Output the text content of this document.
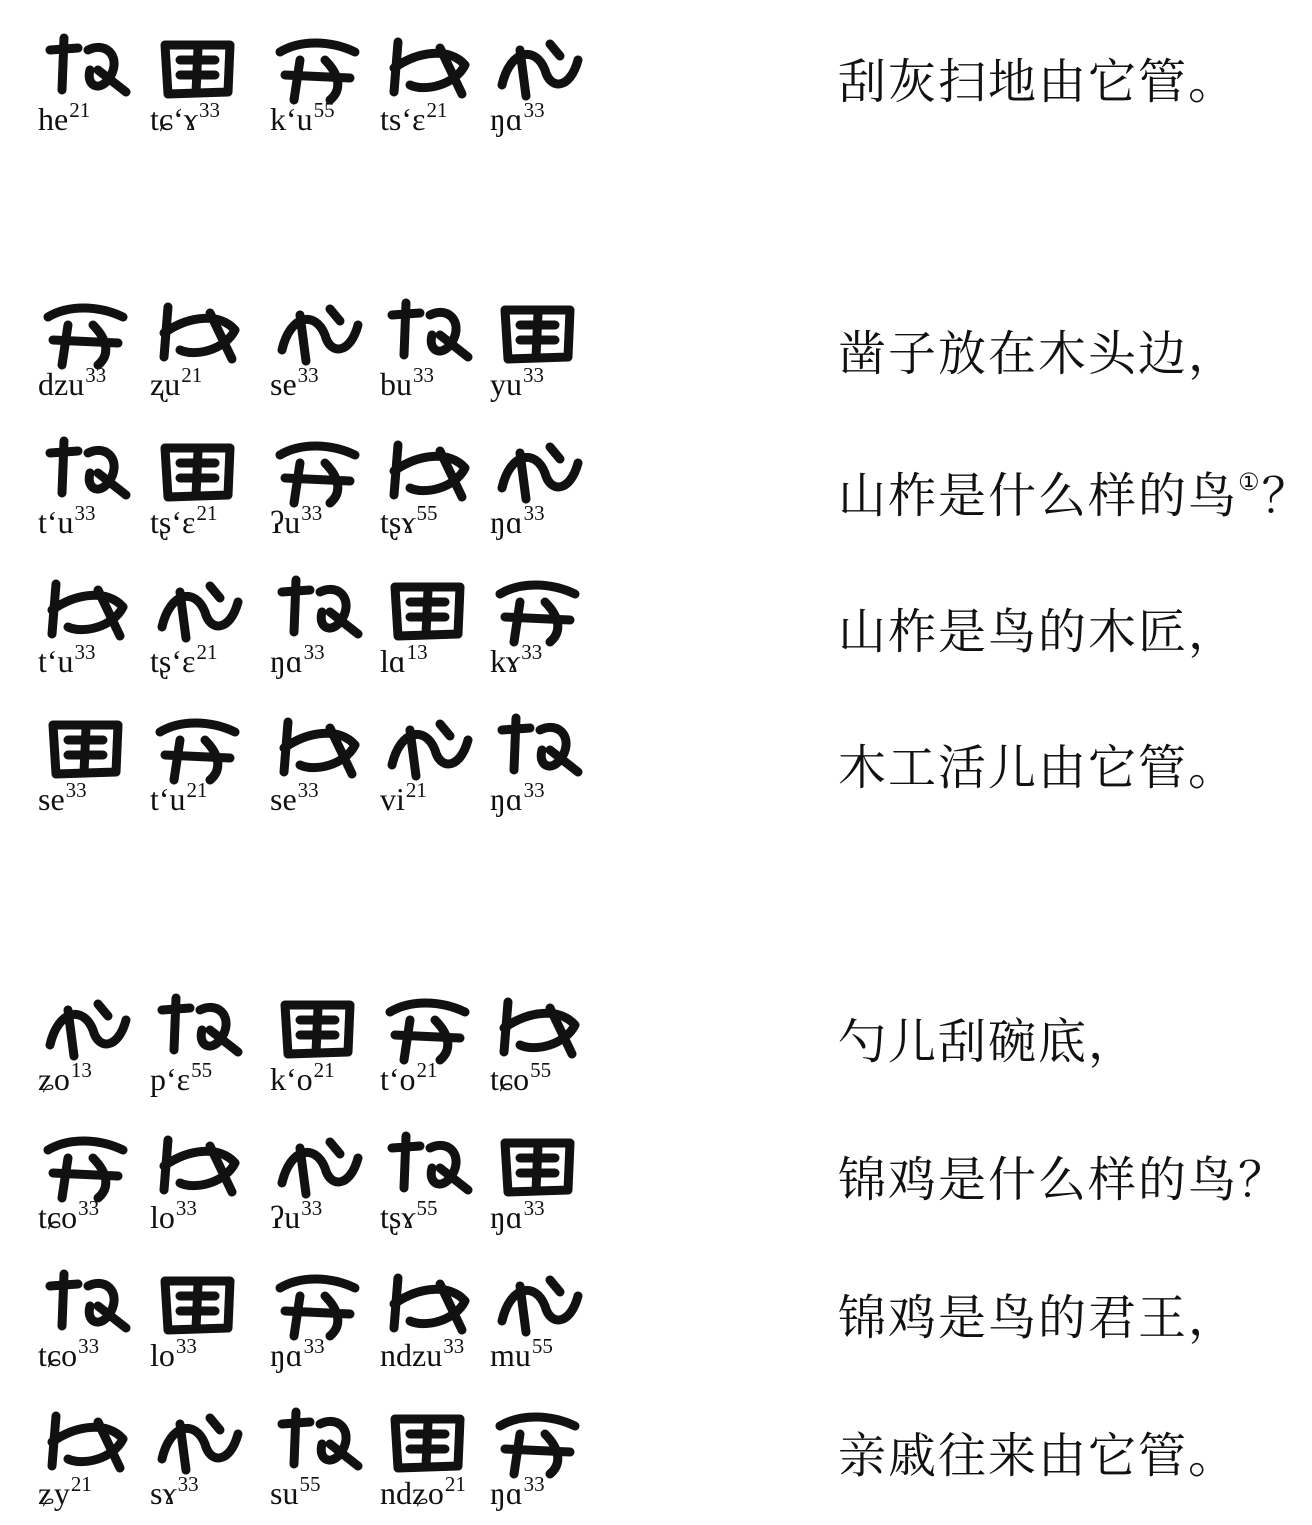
$he^{21}$ tɕʻɤ$^{33}$ kʻu$^{55}$ tsʻɛ$^{21}$ ŋɑ$^{33}$	刮灰扫地由它管。
dzu$^{33}$ ʐu$^{21}$ $se^{33}$ $bu^{33}$ $yu^{33}$	凿子放在木头边，
tʻu$^{33}$ tʂʻɛ$^{21}$ ʔu$^{33}$ tʂɤ$^{55}$ ŋɑ$^{33}$	山柞是什么样的鸟①？
tʻu$^{33}$ tʂʻɛ$^{21}$ ŋɑ$^{33}$ lɑ$^{13}$ kɤ$^{33}$	山柞是鸟的木匠，
$se^{33}$ tʻu$^{21}$ $se^{33}$ $vi^{21}$ ŋɑ$^{33}$	木工活儿由它管。
ʑo$^{13}$ pʻɛ$^{55}$ kʻo$^{21}$ tʻo$^{21}$ tɕo$^{55}$	勺儿刮碗底，
tɕo$^{33}$ $lo^{33}$ ʔu$^{33}$ tʂɤ$^{55}$ ŋɑ$^{33}$	锦鸡是什么样的鸟？
tɕo$^{33}$ $lo^{33}$ ŋɑ$^{33}$ ndzu$^{33}$ $mu^{55}$	锦鸡是鸟的君王，
ʑy$^{21}$ sɤ$^{33}$ $su^{55}$ ndʑo$^{21}$ ŋɑ$^{33}$	亲戚往来由它管。
